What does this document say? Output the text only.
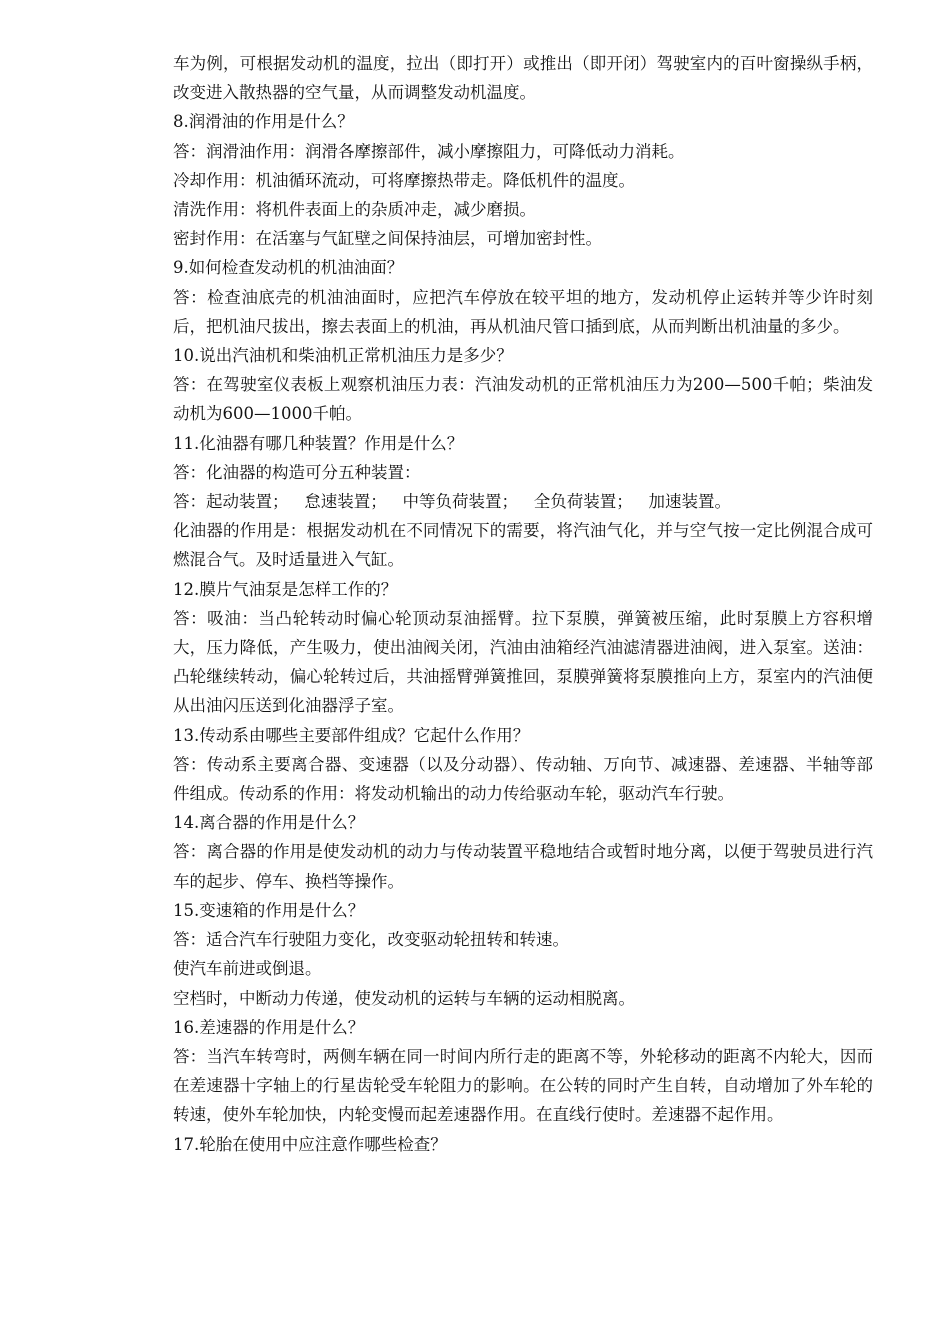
车为例，可根据发动机的温度，拉出（即打开）或推出（即开闭）驾驶室内的百叶窗操纵手柄，改变进入散热器的空气量，从而调整发动机温度。

8.润滑油的作用是什么？

答：润滑油作用：润滑各摩擦部件，减小摩擦阻力，可降低动力消耗。

冷却作用：机油循环流动，可将摩擦热带走。降低机件的温度。

清洗作用：将机件表面上的杂质冲走，减少磨损。

密封作用：在活塞与气缸壁之间保持油层，可增加密封性。

9.如何检查发动机的机油油面？

答：检查油底壳的机油油面时，应把汽车停放在较平坦的地方，发动机停止运转并等少许时刻后，把机油尺拔出，擦去表面上的机油，再从机油尺管口插到底，从而判断出机油量的多少。

10.说出汽油机和柴油机正常机油压力是多少？

答：在驾驶室仪表板上观察机油压力表：汽油发动机的正常机油压力为200—500千帕；柴油发动机为600—1000千帕。

11.化油器有哪几种装置？作用是什么？

答：化油器的构造可分五种装置：

答：起动装置；   怠速装置；   中等负荷装置；   全负荷装置；   加速装置。

化油器的作用是：根据发动机在不同情况下的需要，将汽油气化，并与空气按一定比例混合成可燃混合气。及时适量进入气缸。

12.膜片气油泵是怎样工作的？

答：吸油：当凸轮转动时偏心轮顶动泵油摇臂。拉下泵膜，弹簧被压缩，此时泵膜上方容积增大，压力降低，产生吸力，使出油阀关闭，汽油由油箱经汽油滤清器进油阀，进入泵室。送油：凸轮继续转动，偏心轮转过后，共油摇臂弹簧推回，泵膜弹簧将泵膜推向上方，泵室内的汽油便从出油闪压送到化油器浮子室。

13.传动系由哪些主要部件组成？它起什么作用？

答：传动系主要离合器、变速器（以及分动器）、传动轴、万向节、减速器、差速器、半轴等部件组成。传动系的作用：将发动机输出的动力传给驱动车轮，驱动汽车行驶。

14.离合器的作用是什么？

答：离合器的作用是使发动机的动力与传动装置平稳地结合或暂时地分离，以便于驾驶员进行汽车的起步、停车、换档等操作。

15.变速箱的作用是什么？

答：适合汽车行驶阻力变化，改变驱动轮扭转和转速。

使汽车前进或倒退。

空档时，中断动力传递，使发动机的运转与车辆的运动相脱离。

16.差速器的作用是什么？

答：当汽车转弯时，两侧车辆在同一时间内所行走的距离不等，外轮移动的距离不内轮大，因而在差速器十字轴上的行星齿轮受车轮阻力的影响。在公转的同时产生自转，自动增加了外车轮的转速，使外车轮加快，内轮变慢而起差速器作用。在直线行使时。差速器不起作用。

17.轮胎在使用中应注意作哪些检查？
